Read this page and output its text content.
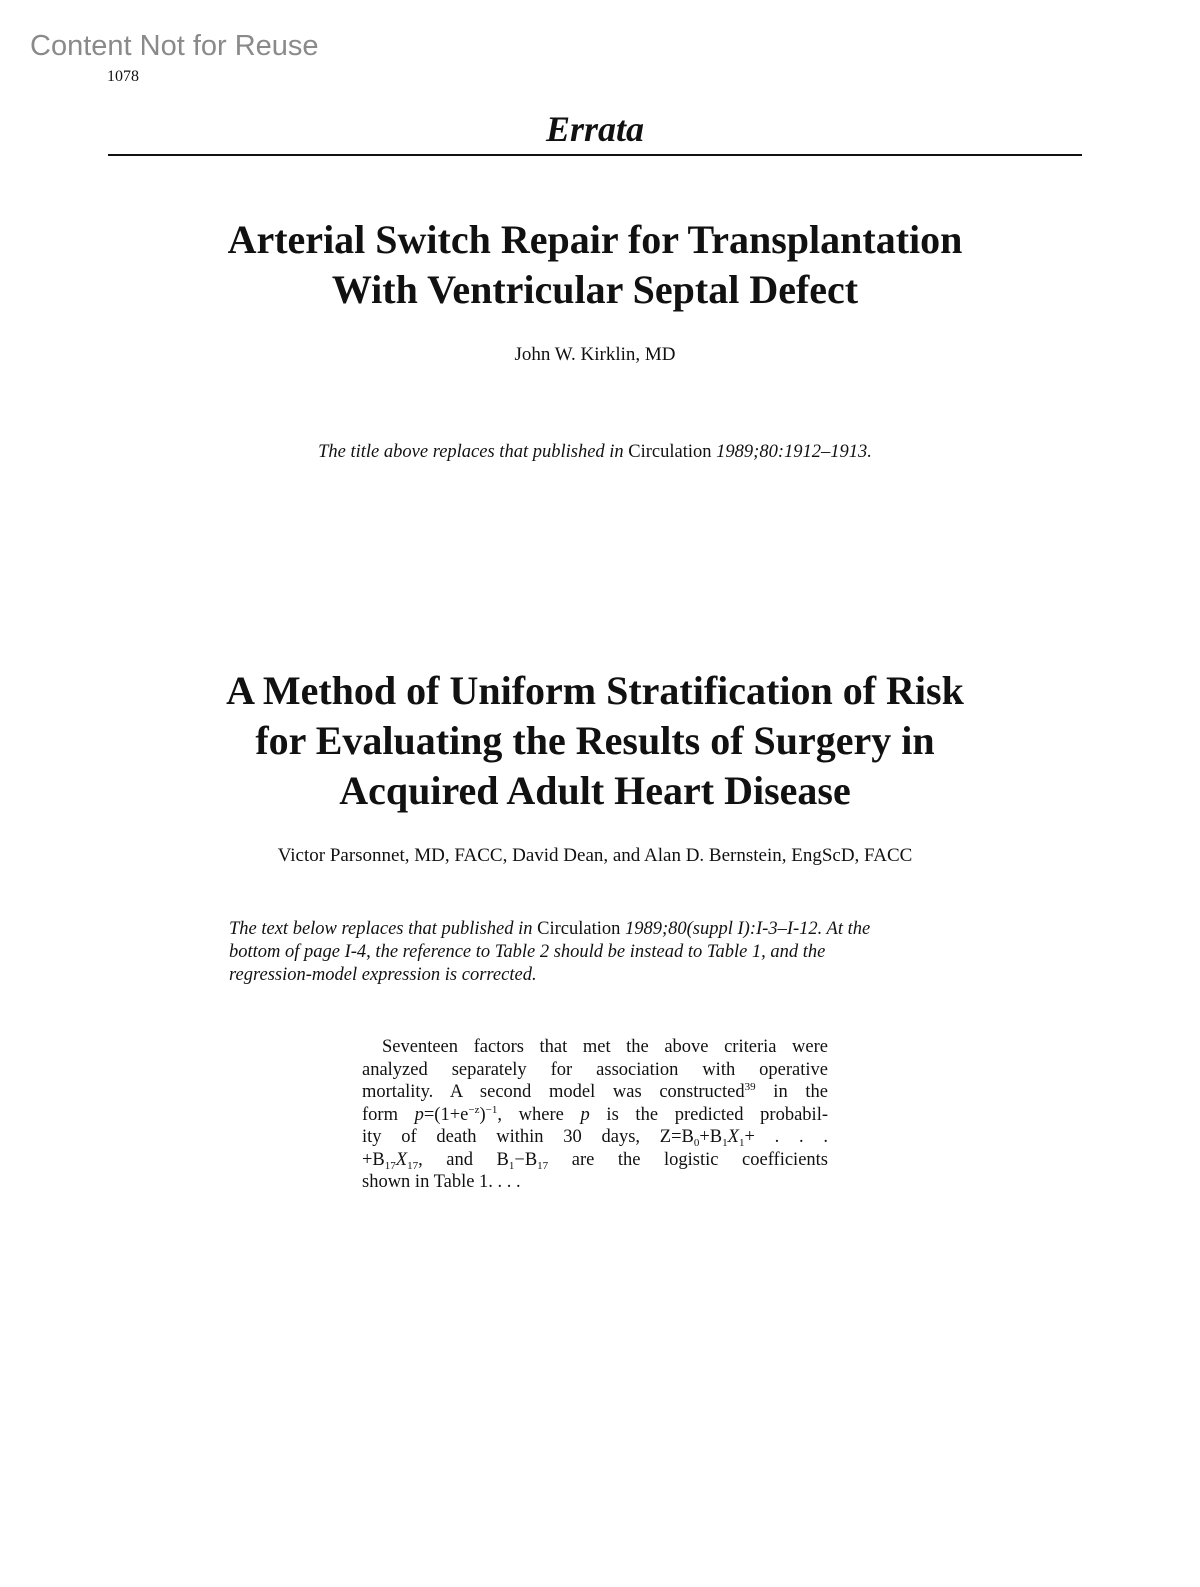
Content Not for Reuse
1078
Errata
Arterial Switch Repair for Transplantation
With Ventricular Septal Defect
John W. Kirklin, MD
The title above replaces that published in Circulation 1989;80:1912–1913.
A Method of Uniform Stratification of Risk
for Evaluating the Results of Surgery in
Acquired Adult Heart Disease
Victor Parsonnet, MD, FACC, David Dean, and Alan D. Bernstein, EngScD, FACC
The text below replaces that published in Circulation 1989;80(suppl I):I-3–I-12. At the
bottom of page I-4, the reference to Table 2 should be instead to Table 1, and the
regression-model expression is corrected.
Seventeen factors that met the above criteria were
analyzed separately for association with operative
mortality. A second model was constructed$^{39}$ in the
form $p=(1+e^{-z})^{-1}$, where p is the predicted probabil-
ity of death within 30 days, $Z=B_0+B_1X_1+$ . . .
$+B_{17}X_{17}$, and $B_1-B_{17}$ are the logistic coefficients
shown in Table 1. . . .
